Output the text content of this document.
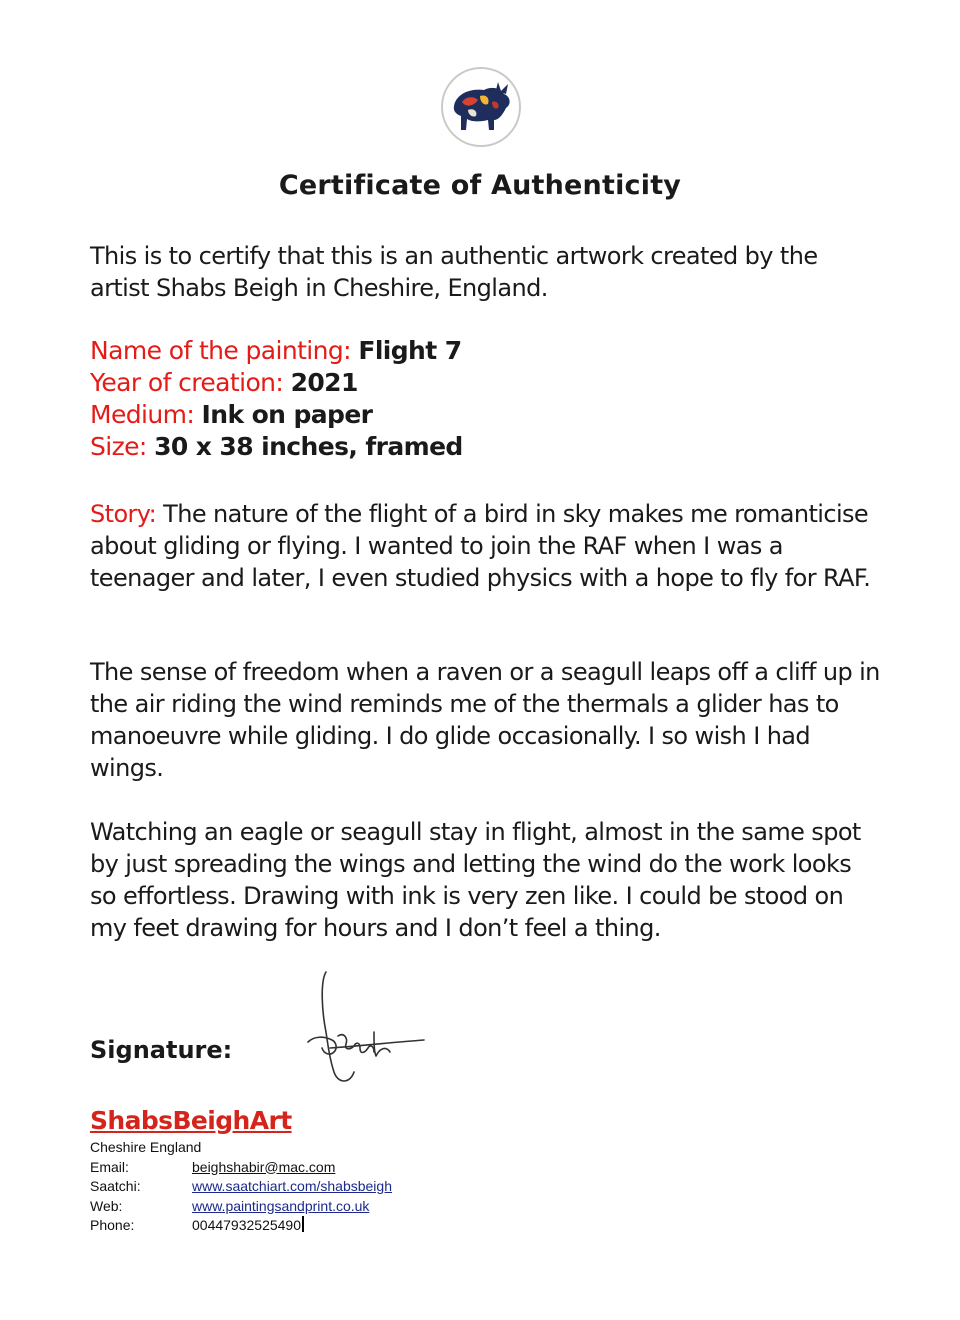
Certificate of Authenticity

This is to certify that this is an authentic artwork created by the artist Shabs Beigh in Cheshire, England.

Name of the painting: Flight 7
Year of creation: 2021
Medium: Ink on paper
Size: 30 x 38 inches, framed

Story: The nature of the flight of a bird in sky makes me romanticise about gliding or flying. I wanted to join the RAF when I was a teenager and later, I even studied physics with a hope to fly for RAF.

The sense of freedom when a raven or a seagull leaps off a cliff up in the air riding the wind reminds me of the thermals a glider has to manoeuvre while gliding. I do glide occasionally. I so wish I had wings.

Watching an eagle or seagull stay in flight, almost in the same spot by just spreading the wings and letting the wind do the work looks so effortless. Drawing with ink is very zen like. I could be stood on my feet drawing for hours and I don’t feel a thing.

Signature:
ShabsBeighArt
Cheshire England
Email:	beighshabir@mac.com
Saatchi:	www.saatchiart.com/shabsbeigh
Web:	www.paintingsandprint.co.uk
Phone:	00447932525490
